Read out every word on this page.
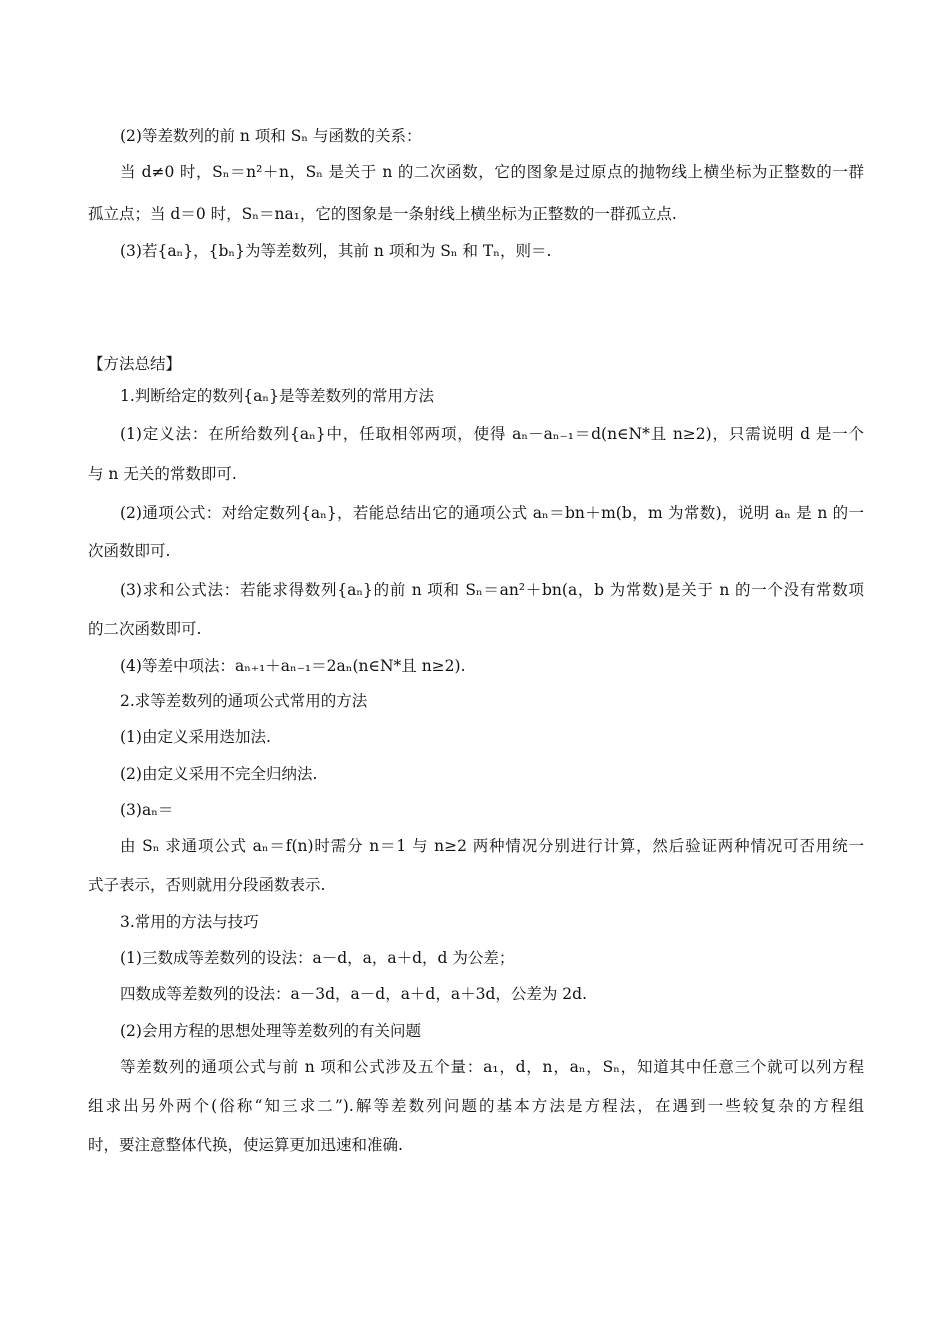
(2)等差数列的前 n 项和 Sₙ 与函数的关系：
当 d≠0 时，Sₙ＝n²＋n，Sₙ 是关于 n 的二次函数，它的图象是过原点的抛物线上横坐标为正整数的一群
孤立点；当 d＝0 时，Sₙ＝na₁，它的图象是一条射线上横坐标为正整数的一群孤立点.
(3)若{aₙ}，{bₙ}为等差数列，其前 n 项和为 Sₙ 和 Tₙ，则＝.
【方法总结】
1.判断给定的数列{aₙ}是等差数列的常用方法
(1)定义法：在所给数列{aₙ}中，任取相邻两项，使得 aₙ－aₙ₋₁＝d(n∈N*且 n≥2)，只需说明 d 是一个
与 n 无关的常数即可.
(2)通项公式：对给定数列{aₙ}，若能总结出它的通项公式 aₙ＝bn＋m(b，m 为常数)，说明 aₙ 是 n 的一
次函数即可.
(3)求和公式法：若能求得数列{aₙ}的前 n 项和 Sₙ＝an²＋bn(a，b 为常数)是关于 n 的一个没有常数项
的二次函数即可.
(4)等差中项法：aₙ₊₁＋aₙ₋₁＝2aₙ(n∈N*且 n≥2).
2.求等差数列的通项公式常用的方法
(1)由定义采用迭加法.
(2)由定义采用不完全归纳法.
(3)aₙ＝
由 Sₙ 求通项公式 aₙ＝f(n)时需分 n＝1 与 n≥2 两种情况分别进行计算，然后验证两种情况可否用统一
式子表示，否则就用分段函数表示.
3.常用的方法与技巧
(1)三数成等差数列的设法：a－d，a，a＋d，d 为公差；
四数成等差数列的设法：a－3d，a－d，a＋d，a＋3d，公差为 2d.
(2)会用方程的思想处理等差数列的有关问题
等差数列的通项公式与前 n 项和公式涉及五个量：a₁，d，n，aₙ，Sₙ，知道其中任意三个就可以列方程
组求出另外两个(俗称“知三求二”).解等差数列问题的基本方法是方程法，在遇到一些较复杂的方程组
时，要注意整体代换，使运算更加迅速和准确.
